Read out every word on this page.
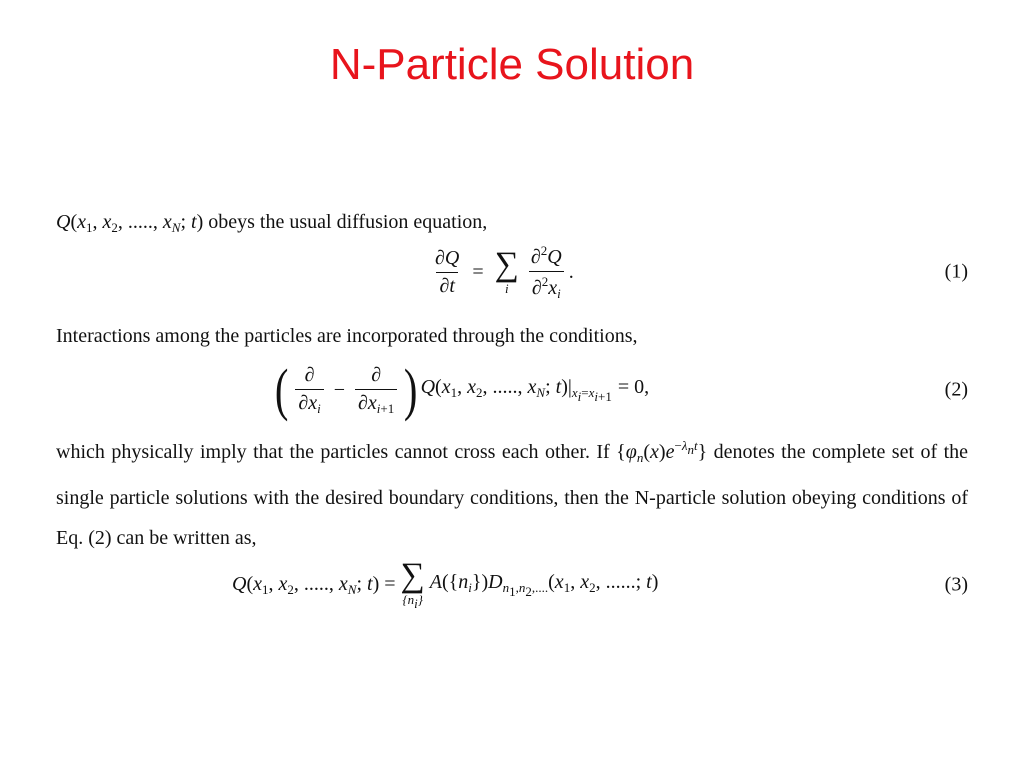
N-Particle Solution
$Q(x_1$, $x_2$, ....., $x_N$; t) obeys the usual diffusion equation,
$\frac{\partial Q}{\partial t}$ = ∑
i $\frac{\partial^2Q}{\partial^2x_i}$ .	(1)
Interactions among the particles are incorporated through the conditions,
( $\frac{\partial}{\partial x_i} - \frac{\partial}{\partial x_{i+1}}$ ) $Q(x_1$, $x_2$, ....., $x_N$; $t)|_{x_i=x_{i+1}} = 0$,	(2)
which physically imply that the particles cannot cross each other. If $\{\varphi_n(x)e^{-\lambda_nt}\}$ denotes the complete set of the single particle solutions with the desired boundary conditions, then the N-particle solution obeying conditions of Eq. (2) can be written as,
$Q(x_1$, $x_2$, ....., $x_N$; t) = ∑
$\{n_i\}$
$A(\{n_i\})D_{n_1,n_2,....}(x_1$, $x_2$, ......; t)	(3)
